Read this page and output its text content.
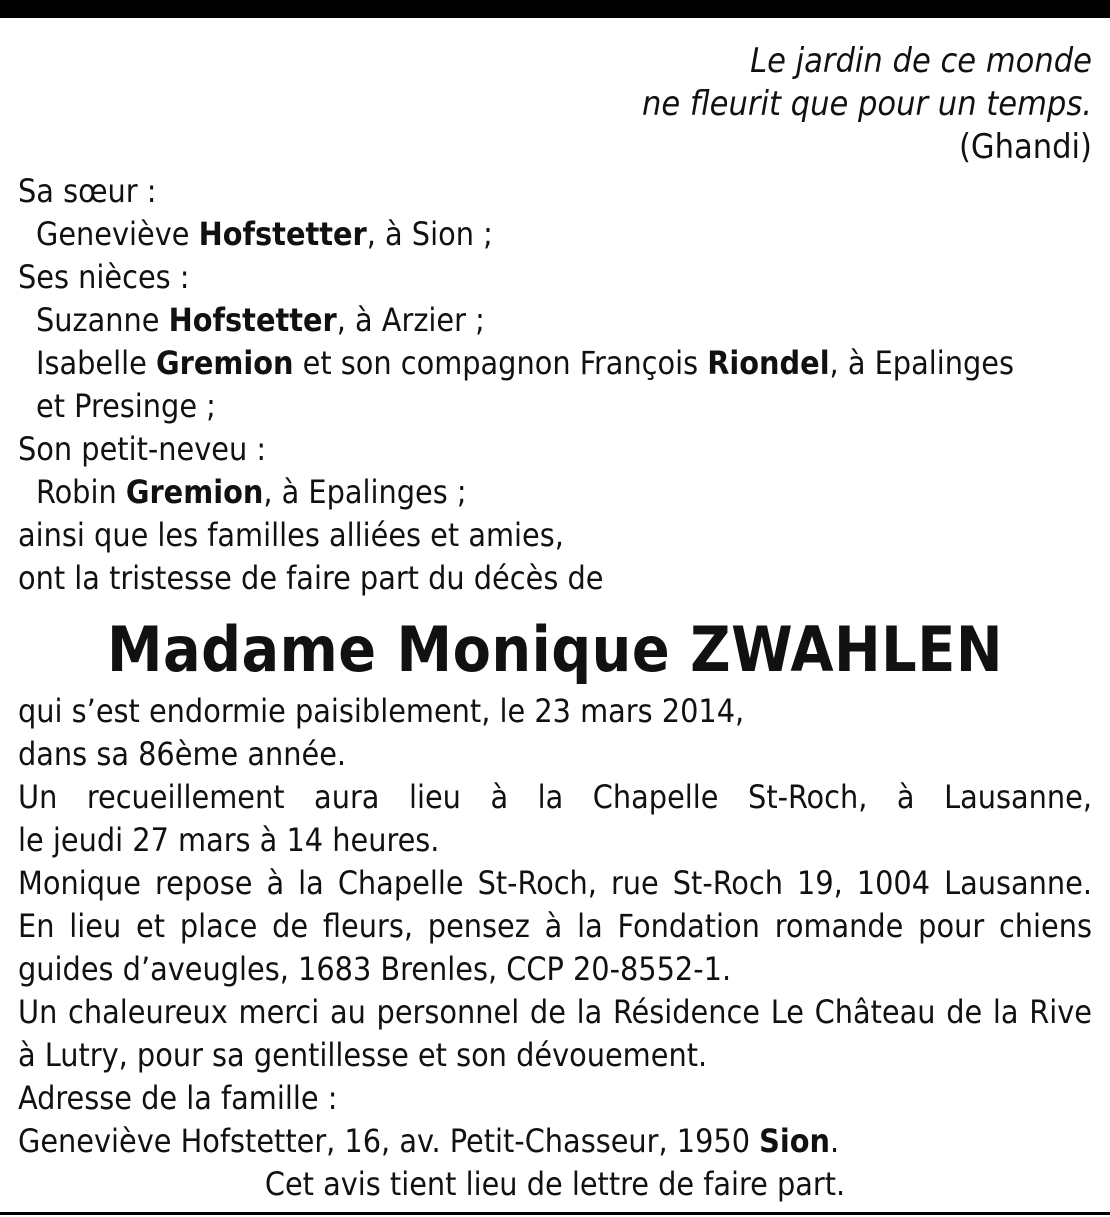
Le jardin de ce monde
ne fleurit que pour un temps.
(Ghandi)
Sa sœur :
Geneviève Hofstetter, à Sion ;
Ses nièces :
Suzanne Hofstetter, à Arzier ;
Isabelle Gremion et son compagnon François Riondel, à Epalinges
et Presinge ;
Son petit-neveu :
Robin Gremion, à Epalinges ;
ainsi que les familles alliées et amies,
ont la tristesse de faire part du décès de
Madame Monique ZWAHLEN
qui s’est endormie paisiblement, le 23 mars 2014,
dans sa 86ème année.
Un recueillement aura lieu à la Chapelle St-Roch, à Lausanne,
le jeudi 27 mars à 14 heures.
Monique repose à la Chapelle St-Roch, rue St-Roch 19, 1004 Lausanne.
En lieu et place de fleurs, pensez à la Fondation romande pour chiens
guides d’aveugles, 1683 Brenles, CCP 20-8552-1.
Un chaleureux merci au personnel de la Résidence Le Château de la Rive
à Lutry, pour sa gentillesse et son dévouement.
Adresse de la famille :
Geneviève Hofstetter, 16, av. Petit-Chasseur, 1950 Sion.
Cet avis tient lieu de lettre de faire part.
